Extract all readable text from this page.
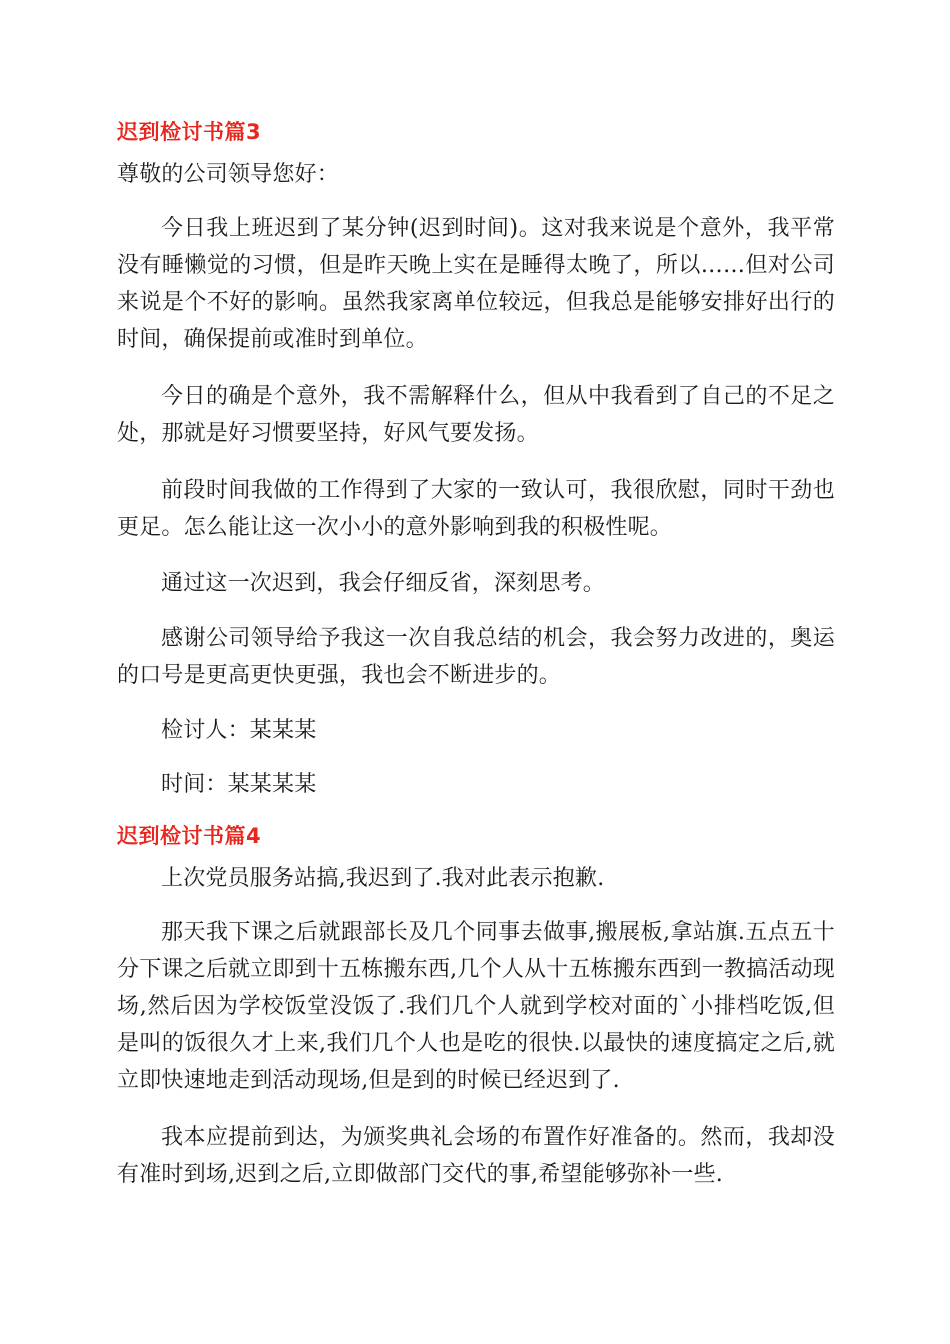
迟到检讨书篇3
尊敬的公司领导您好：
今日我上班迟到了某分钟(迟到时间)。这对我来说是个意外，我平常没有睡懒觉的习惯，但是昨天晚上实在是睡得太晚了，所以……但对公司来说是个不好的影响。虽然我家离单位较远，但我总是能够安排好出行的时间，确保提前或准时到单位。
今日的确是个意外，我不需解释什么，但从中我看到了自己的不足之处，那就是好习惯要坚持，好风气要发扬。
前段时间我做的工作得到了大家的一致认可，我很欣慰，同时干劲也更足。怎么能让这一次小小的意外影响到我的积极性呢。
通过这一次迟到，我会仔细反省，深刻思考。
感谢公司领导给予我这一次自我总结的机会，我会努力改进的，奥运的口号是更高更快更强，我也会不断进步的。
检讨人：某某某
时间：某某某某
迟到检讨书篇4
上次党员服务站搞,我迟到了.我对此表示抱歉.
那天我下课之后就跟部长及几个同事去做事,搬展板,拿站旗.五点五十分下课之后就立即到十五栋搬东西,几个人从十五栋搬东西到一教搞活动现场,然后因为学校饭堂没饭了.我们几个人就到学校对面的`小排档吃饭,但是叫的饭很久才上来,我们几个人也是吃的很快.以最快的速度搞定之后,就立即快速地走到活动现场,但是到的时候已经迟到了.
我本应提前到达，为颁奖典礼会场的布置作好准备的。然而，我却没有准时到场,迟到之后,立即做部门交代的事,希望能够弥补一些.
